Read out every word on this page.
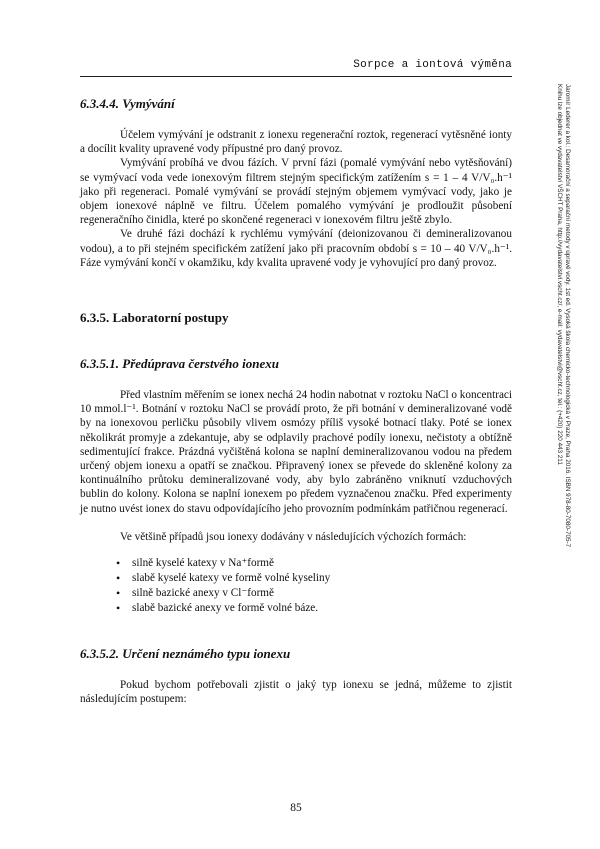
Sorpce a iontová výměna
6.3.4.4. Vymývání

Účelem vymývání je odstranit z ionexu regenerační roztok, regenerací vytěsněné ionty a docílit kvality upravené vody přípustné pro daný provoz.

Vymývání probíhá ve dvou fázích. V první fázi (pomalé vymývání nebo vytěsňování) se vymývací voda vede ionexovým filtrem stejným specifickým zatížením s = 1 – 4 V/V₀.h⁻¹ jako při regeneraci. Pomalé vymývání se provádí stejným objemem vymývací vody, jako je objem ionexové náplně ve filtru. Účelem pomalého vymývání je prodloužit působení regeneračního činidla, které po skončené regeneraci v ionexovém filtru ještě zbylo.

Ve druhé fázi dochází k rychlému vymývání (deionizovanou či demineralizovanou vodou), a to při stejném specifickém zatížení jako při pracovním období s = 10 – 40 V/V₀.h⁻¹. Fáze vymývání končí v okamžiku, kdy kvalita upravené vody je vyhovující pro daný provoz.

6.3.5. Laboratorní postupy
6.3.5.1. Předúprava čerstvého ionexu

Před vlastním měřením se ionex nechá 24 hodin nabotnat v roztoku NaCl o koncentraci 10 mmol.l⁻¹. Botnání v roztoku NaCl se provádí proto, že při botnání v demineralizované vodě by na ionexovou perličku působily vlivem osmózy příliš vysoké botnací tlaky. Poté se ionex několikrát promyje a zdekantuje, aby se odplavily prachové podíly ionexu, nečistoty a obtížně sedimentující frakce. Prázdná vyčištěná kolona se naplní demineralizovanou vodou na předem určený objem ionexu a opatří se značkou. Připravený ionex se převede do skleněné kolony za kontinuálního průtoku demineralizované vody, aby bylo zabráněno vniknutí vzduchových bublin do kolony. Kolona se naplní ionexem po předem vyznačenou značku. Před experimenty je nutno uvést ionex do stavu odpovídajícího jeho provozním podmínkám patřičnou regenerací.

Ve většině případů jsou ionexy dodávány v následujících výchozích formách:

• silně kyselé katexy v Na⁺formě
• slabě kyselé katexy ve formě volné kyseliny
• silně bazické anexy v Cl⁻formě
• slabě bazické anexy ve formě volné báze.
6.3.5.2. Určení neznámého typu ionexu

Pokud bychom potřebovali zjistit o jaký typ ionexu se jedná, můžeme to zjistit následujícím postupem:

85
Jaromír Lederer a kol.: Desamorační a separační metody v úpravě vody. 1st ed. Vysoká škola chemicko-technologická v Praze, Praha 2016. ISBN 978-80-7080-705-7
Knihu lze objednat ve vydavatelství VŠCHT Praha, http://vydavatelstvi.vscht.cz/, e-mail: vydavatelstvi@vscht.cz, tel.: (+420) 220 443 211
